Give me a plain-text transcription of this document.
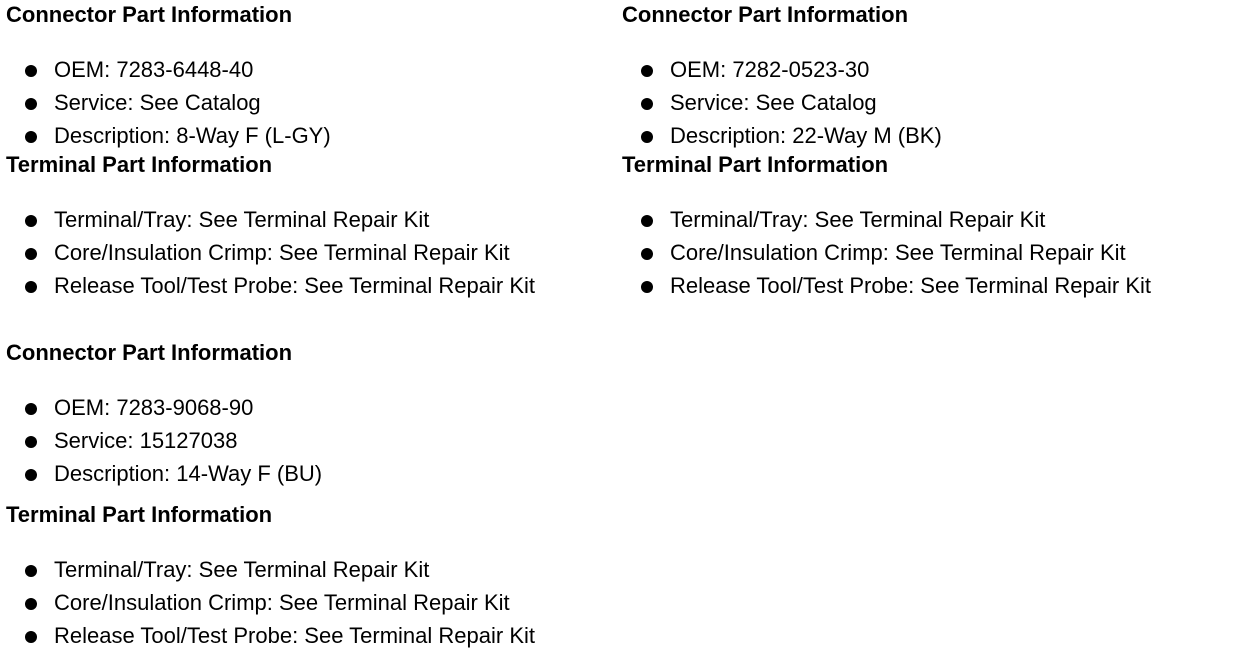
Connector Part Information
OEM: 7283-6448-40
Service: See Catalog
Description: 8-Way F (L-GY)
Terminal Part Information
Terminal/Tray: See Terminal Repair Kit
Core/Insulation Crimp: See Terminal Repair Kit
Release Tool/Test Probe: See Terminal Repair Kit
Connector Part Information
OEM: 7282-0523-30
Service: See Catalog
Description: 22-Way M (BK)
Terminal Part Information
Terminal/Tray: See Terminal Repair Kit
Core/Insulation Crimp: See Terminal Repair Kit
Release Tool/Test Probe: See Terminal Repair Kit
Connector Part Information
OEM: 7283-9068-90
Service: 15127038
Description: 14-Way F (BU)
Terminal Part Information
Terminal/Tray: See Terminal Repair Kit
Core/Insulation Crimp: See Terminal Repair Kit
Release Tool/Test Probe: See Terminal Repair Kit
